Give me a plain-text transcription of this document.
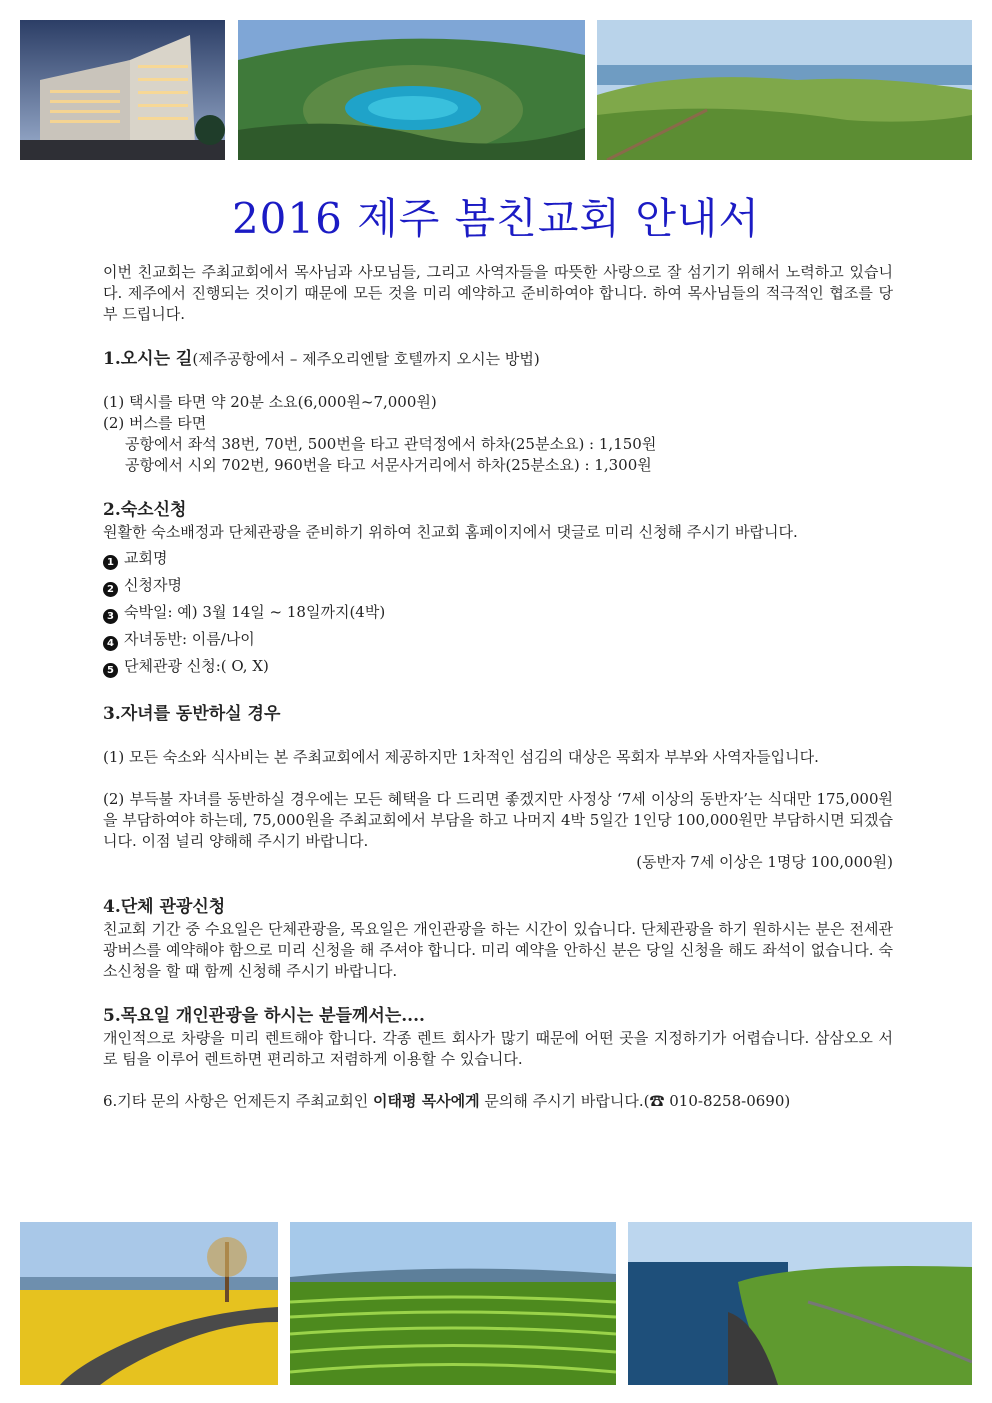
2016 제주 봄친교회 안내서

이번 친교회는 주최교회에서 목사님과 사모님들, 그리고 사역자들을 따뜻한 사랑으로 잘 섬기기 위해서 노력하고 있습니다. 제주에서 진행되는 것이기 때문에 모든 것을 미리 예약하고 준비하여야 합니다. 하여 목사님들의 적극적인 협조를 당부 드립니다.

1.오시는 길(제주공항에서 – 제주오리엔탈 호텔까지 오시는 방법)

(1) 택시를 타면 약 20분 소요(6,000원~7,000원)

(2) 버스를 타면

공항에서 좌석 38번, 70번, 500번을 타고 관덕정에서 하차(25분소요) : 1,150원

공항에서 시외 702번, 960번을 타고 서문사거리에서 하차(25분소요) : 1,300원

2.숙소신청

원활한 숙소배정과 단체관광을 준비하기 위하여 친교회 홈페이지에서 댓글로 미리 신청해 주시기 바랍니다.

1 교회명

2 신청자명

3 숙박일: 예) 3월 14일 ~ 18일까지(4박)

4 자녀동반: 이름/나이

5 단체관광 신청:( O, X)

3.자녀를 동반하실 경우

(1) 모든 숙소와 식사비는 본 주최교회에서 제공하지만 1차적인 섬김의 대상은 목회자 부부와 사역자들입니다.

(2) 부득불 자녀를 동반하실 경우에는 모든 혜택을 다 드리면 좋겠지만 사정상 ‘7세 이상의 동반자’는 식대만 175,000원을 부담하여야 하는데, 75,000원을 주최교회에서 부담을 하고 나머지 4박 5일간 1인당 100,000원만 부담하시면 되겠습니다. 이점 널리 양해해 주시기 바랍니다.

(동반자 7세 이상은 1명당 100,000원)

4.단체 관광신청

친교회 기간 중 수요일은 단체관광을, 목요일은 개인관광을 하는 시간이 있습니다. 단체관광을 하기 원하시는 분은 전세관광버스를 예약해야 함으로 미리 신청을 해 주셔야 합니다. 미리 예약을 안하신 분은 당일 신청을 해도 좌석이 없습니다. 숙소신청을 할 때 함께 신청해 주시기 바랍니다.

5.목요일 개인관광을 하시는 분들께서는....

개인적으로 차량을 미리 렌트해야 합니다. 각종 렌트 회사가 많기 때문에 어떤 곳을 지정하기가 어렵습니다. 삼삼오오 서로 팀을 이루어 렌트하면 편리하고 저렴하게 이용할 수 있습니다.

6.기타 문의 사항은 언제든지 주최교회인 이태평 목사에게 문의해 주시기 바랍니다.(☎ 010-8258-0690)
